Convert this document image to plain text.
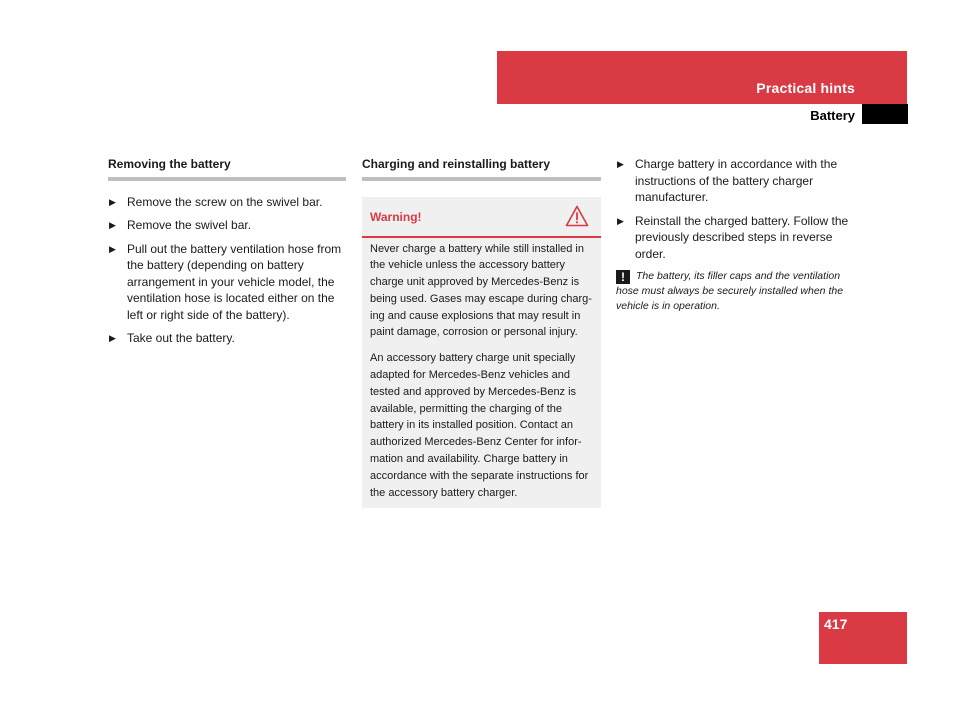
Practical hints
Battery
Removing the battery
▶ Remove the screw on the swivel bar.
▶ Remove the swivel bar.
▶ Pull out the battery ventilation hose from the battery (depending on battery arrangement in your vehicle model, the ventilation hose is located either on the left or right side of the battery).
▶ Take out the battery.
Charging and reinstalling battery
Warning!

Never charge a battery while still installed in the vehicle unless the accessory battery charge unit approved by Mercedes-Benz is being used. Gases may escape during charg-ing and cause explosions that may result in paint damage, corrosion or personal injury.

An accessory battery charge unit specially adapted for Mercedes-Benz vehicles and tested and approved by Mercedes-Benz is available, permitting the charging of the battery in its installed position. Contact an authorized Mercedes-Benz Center for infor-mation and availability. Charge battery in accordance with the separate instructions for the accessory battery charger.

▶ Charge battery in accordance with the instructions of the battery charger manufacturer.
▶ Reinstall the charged battery. Follow the previously described steps in reverse order.
! The battery, its filler caps and the ventilation hose must always be securely installed when the vehicle is in operation.
417
